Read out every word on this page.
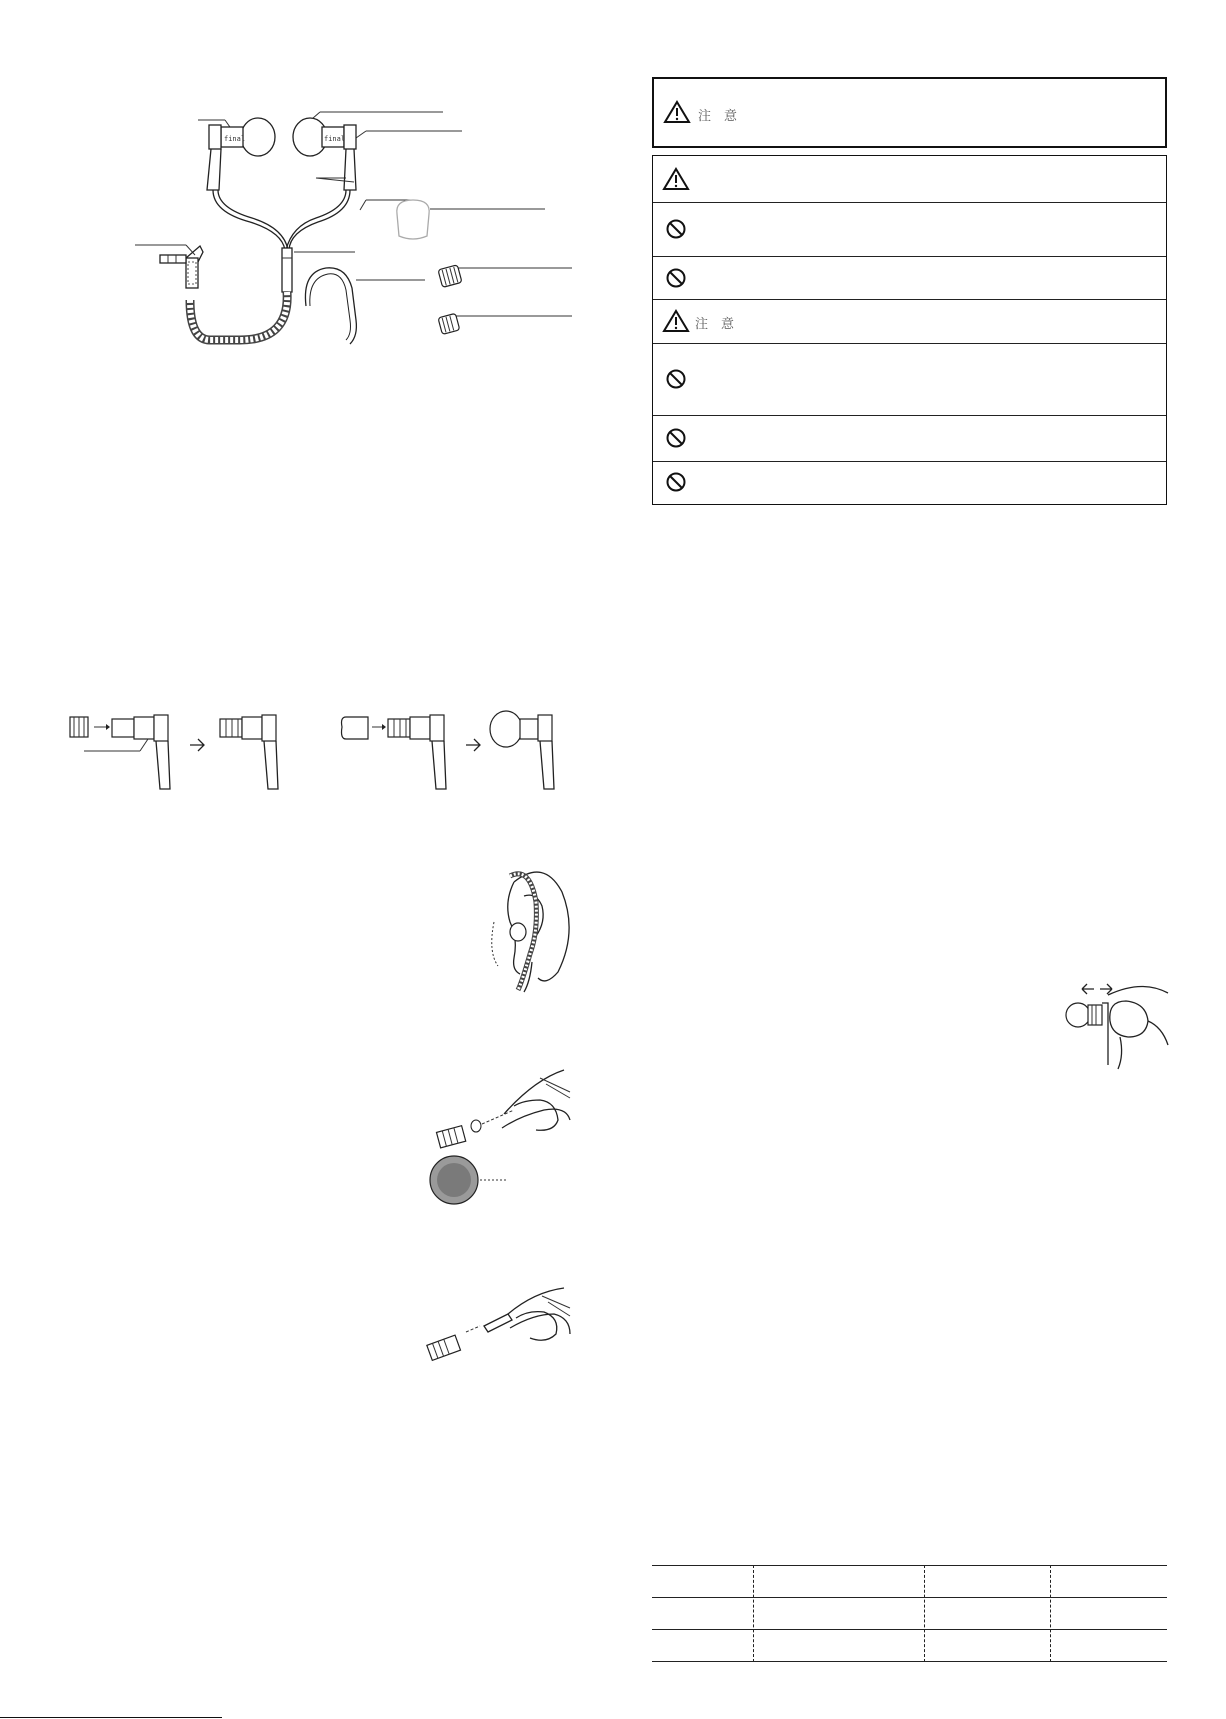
final	final
注　意
注　意
